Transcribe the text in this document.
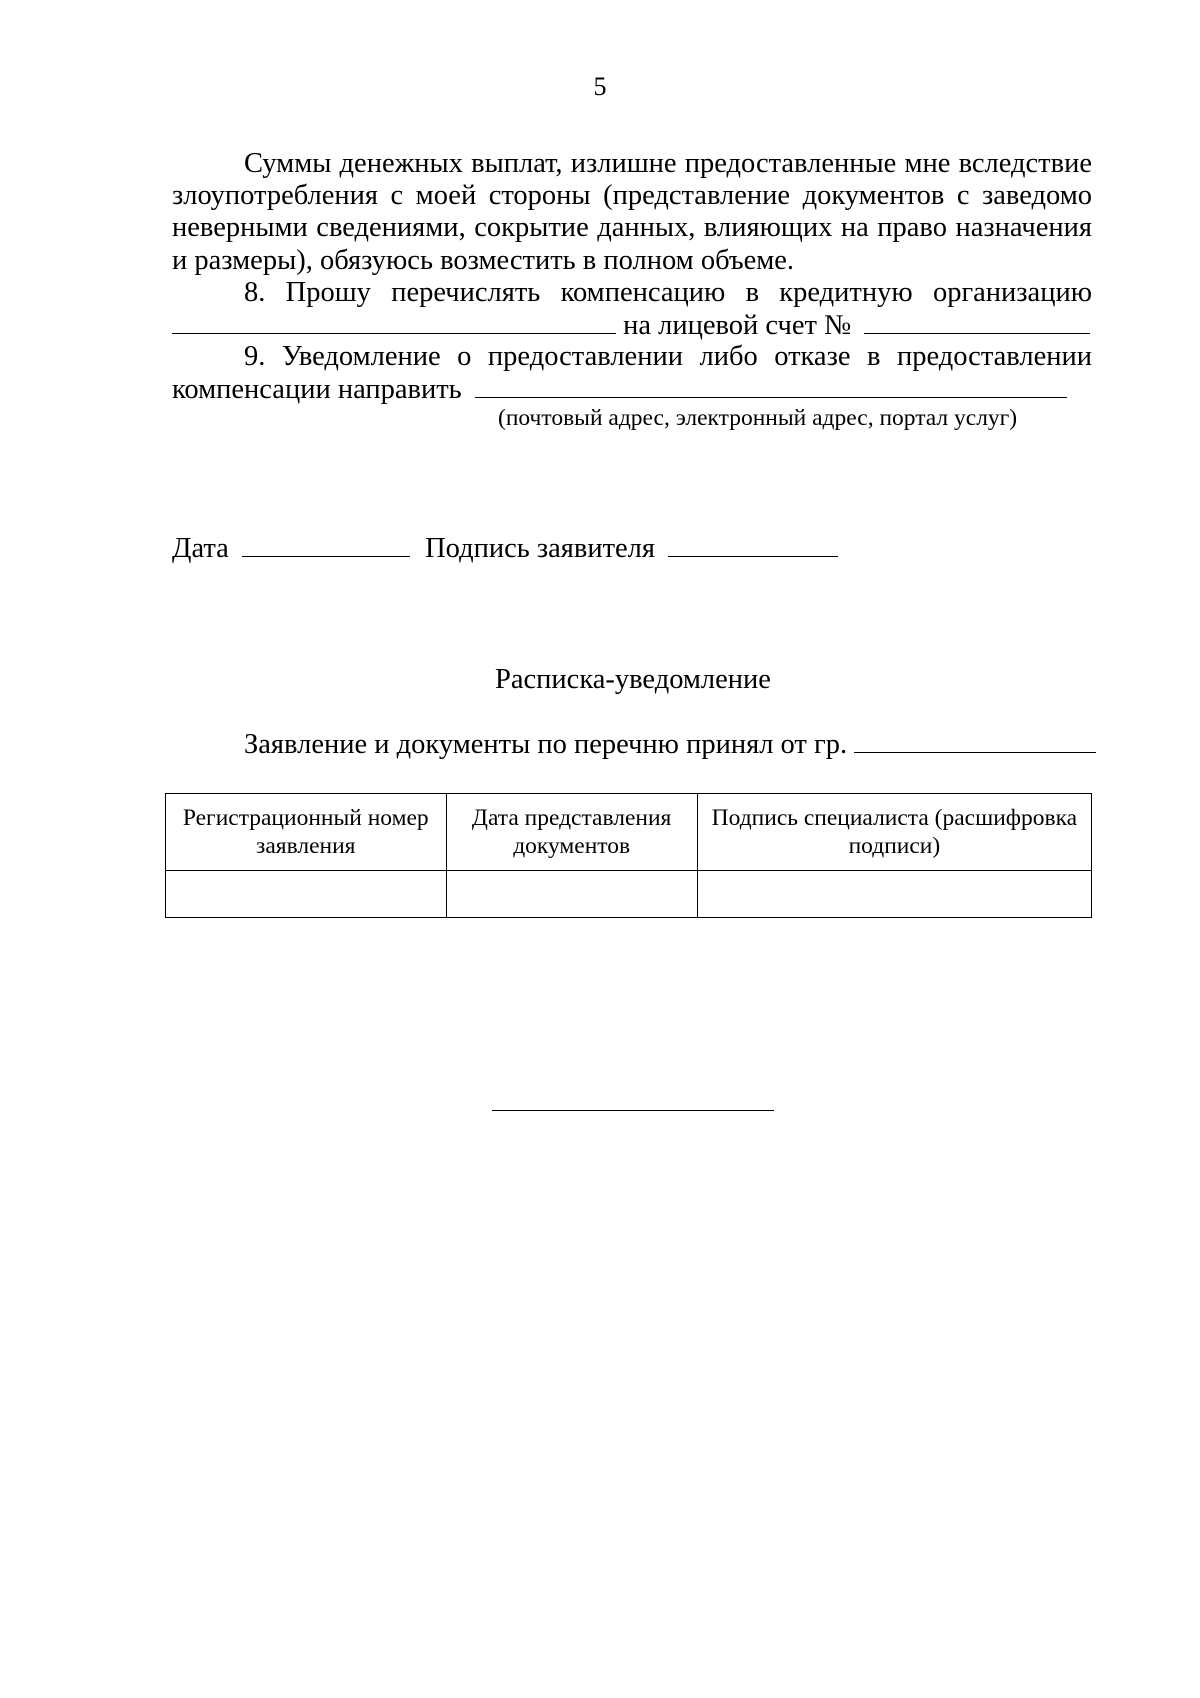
5
Суммы денежных выплат, излишне предоставленные мне вследствие
злоупотребления с моей стороны (представление документов с заведомо
неверными сведениями, сокрытие данных, влияющих на право назначения
и размеры), обязуюсь возместить в полном объеме.
8. Прошу перечислять компенсацию в кредитную организацию
на лицевой счет №
9. Уведомление о предоставлении либо отказе в предоставлении
компенсации направить
(почтовый адрес, электронный адрес, портал услуг)
Дата	Подпись заявителя
Расписка-уведомление
Заявление и документы по перечню принял от гр.
Регистрационный номер заявления	Дата представления документов	Подпись специалиста (расшифровка подписи)
